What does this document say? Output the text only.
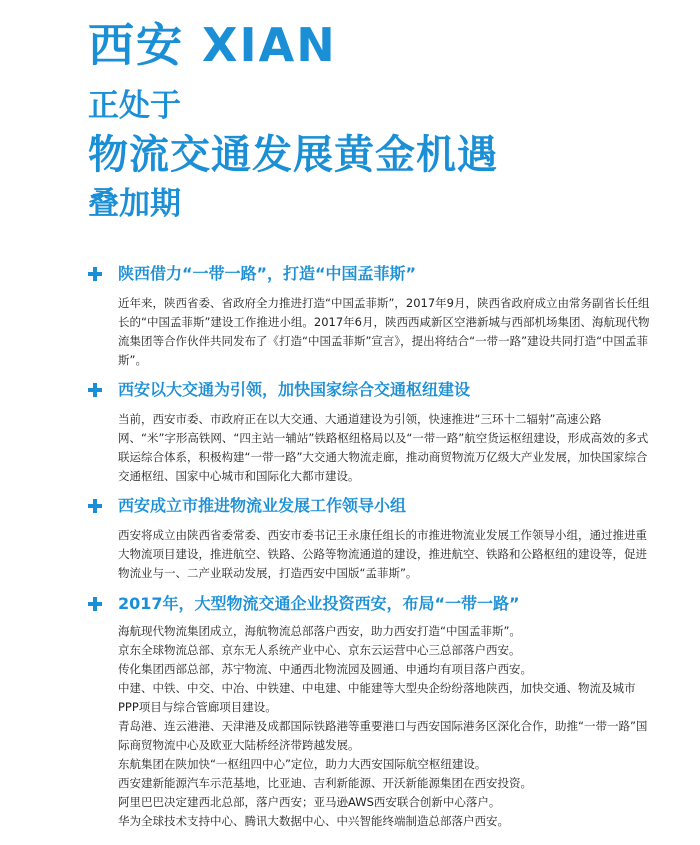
西安 XIAN
正处于
物流交通发展黄金机遇
叠加期
陕西借力“一带一路”，打造“中国孟菲斯”
近年来，陕西省委、省政府全力推进打造“中国孟菲斯”，2017年9月，陕西省政府成立由常务副省长任组长的“中国孟菲斯”建设工作推进小组。2017年6月，陕西西咸新区空港新城与西部机场集团、海航现代物流集团等合作伙伴共同发布了《打造“中国孟菲斯”宣言》，提出将结合“一带一路”建设共同打造“中国孟菲斯”。
西安以大交通为引领，加快国家综合交通枢纽建设
当前，西安市委、市政府正在以大交通、大通道建设为引领，快速推进“三环十二辐射”高速公路网、“米”字形高铁网、“四主站一辅站”铁路枢纽格局以及“一带一路”航空货运枢纽建设，形成高效的多式联运综合体系，积极构建“一带一路”大交通大物流走廊，推动商贸物流万亿级大产业发展，加快国家综合交通枢纽、国家中心城市和国际化大都市建设。
西安成立市推进物流业发展工作领导小组
西安将成立由陕西省委常委、西安市委书记王永康任组长的市推进物流业发展工作领导小组，通过推进重大物流项目建设，推进航空、铁路、公路等物流通道的建设，推进航空、铁路和公路枢纽的建设等，促进物流业与一、二产业联动发展，打造西安中国版“孟菲斯”。
2017年，大型物流交通企业投资西安，布局“一带一路”
海航现代物流集团成立，海航物流总部落户西安，助力西安打造“中国孟菲斯”。
京东全球物流总部、京东无人系统产业中心、京东云运营中心三总部落户西安。
传化集团西部总部，苏宁物流、中通西北物流园及圆通、申通均有项目落户西安。
中建、中铁、中交、中冶、中铁建、中电建、中能建等大型央企纷纷落地陕西，加快交通、物流及城市PPP项目与综合管廊项目建设。
青岛港、连云港港、天津港及成都国际铁路港等重要港口与西安国际港务区深化合作，助推“一带一路”国际商贸物流中心及欧亚大陆桥经济带跨越发展。
东航集团在陕加快“一枢纽四中心”定位，助力大西安国际航空枢纽建设。
西安建新能源汽车示范基地，比亚迪、吉利新能源、开沃新能源集团在西安投资。
阿里巴巴决定建西北总部，落户西安；亚马逊AWS西安联合创新中心落户。
华为全球技术支持中心、腾讯大数据中心、中兴智能终端制造总部落户西安。
